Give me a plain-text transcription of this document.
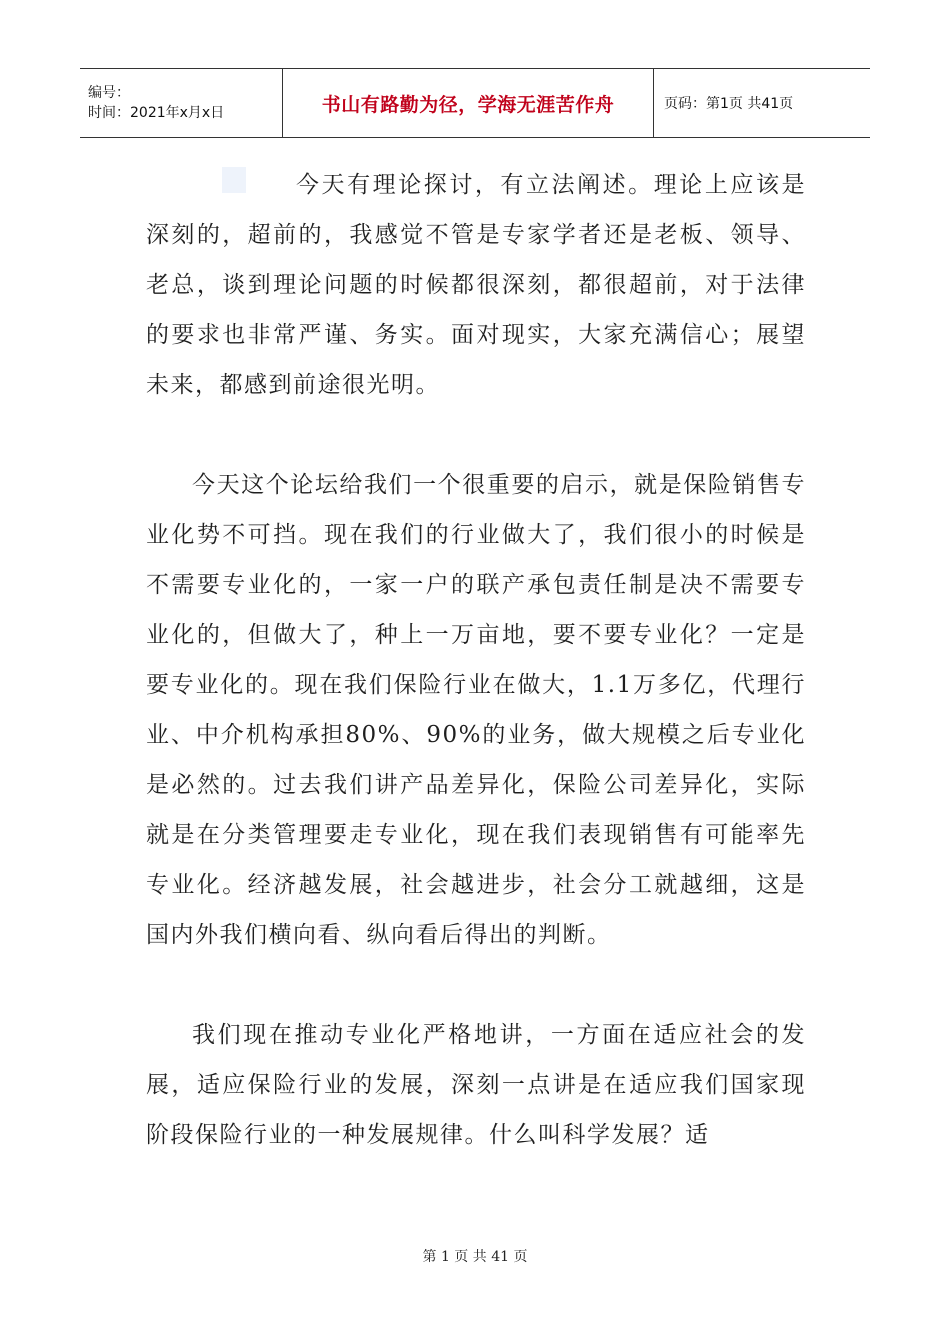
编号：
时间：2021年x月x日	书山有路勤为径，学海无涯苦作舟	页码：第1页 共41页

今天有理论探讨，有立法阐述。理论上应该是深刻的，超前的，我感觉不管是专家学者还是老板、领导、老总，谈到理论问题的时候都很深刻，都很超前，对于法律的要求也非常严谨、务实。面对现实，大家充满信心；展望未来，都感到前途很光明。

今天这个论坛给我们一个很重要的启示，就是保险销售专业化势不可挡。现在我们的行业做大了，我们很小的时候是不需要专业化的，一家一户的联产承包责任制是决不需要专业化的，但做大了，种上一万亩地，要不要专业化？一定是要专业化的。现在我们保险行业在做大，1.1万多亿，代理行业、中介机构承担80%、90%的业务，做大规模之后专业化是必然的。过去我们讲产品差异化，保险公司差异化，实际就是在分类管理要走专业化，现在我们表现销售有可能率先专业化。经济越发展，社会越进步，社会分工就越细，这是国内外我们横向看、纵向看后得出的判断。

我们现在推动专业化严格地讲，一方面在适应社会的发展，适应保险行业的发展，深刻一点讲是在适应我们国家现阶段保险行业的一种发展规律。什么叫科学发展？适

第 1 页 共 41 页
